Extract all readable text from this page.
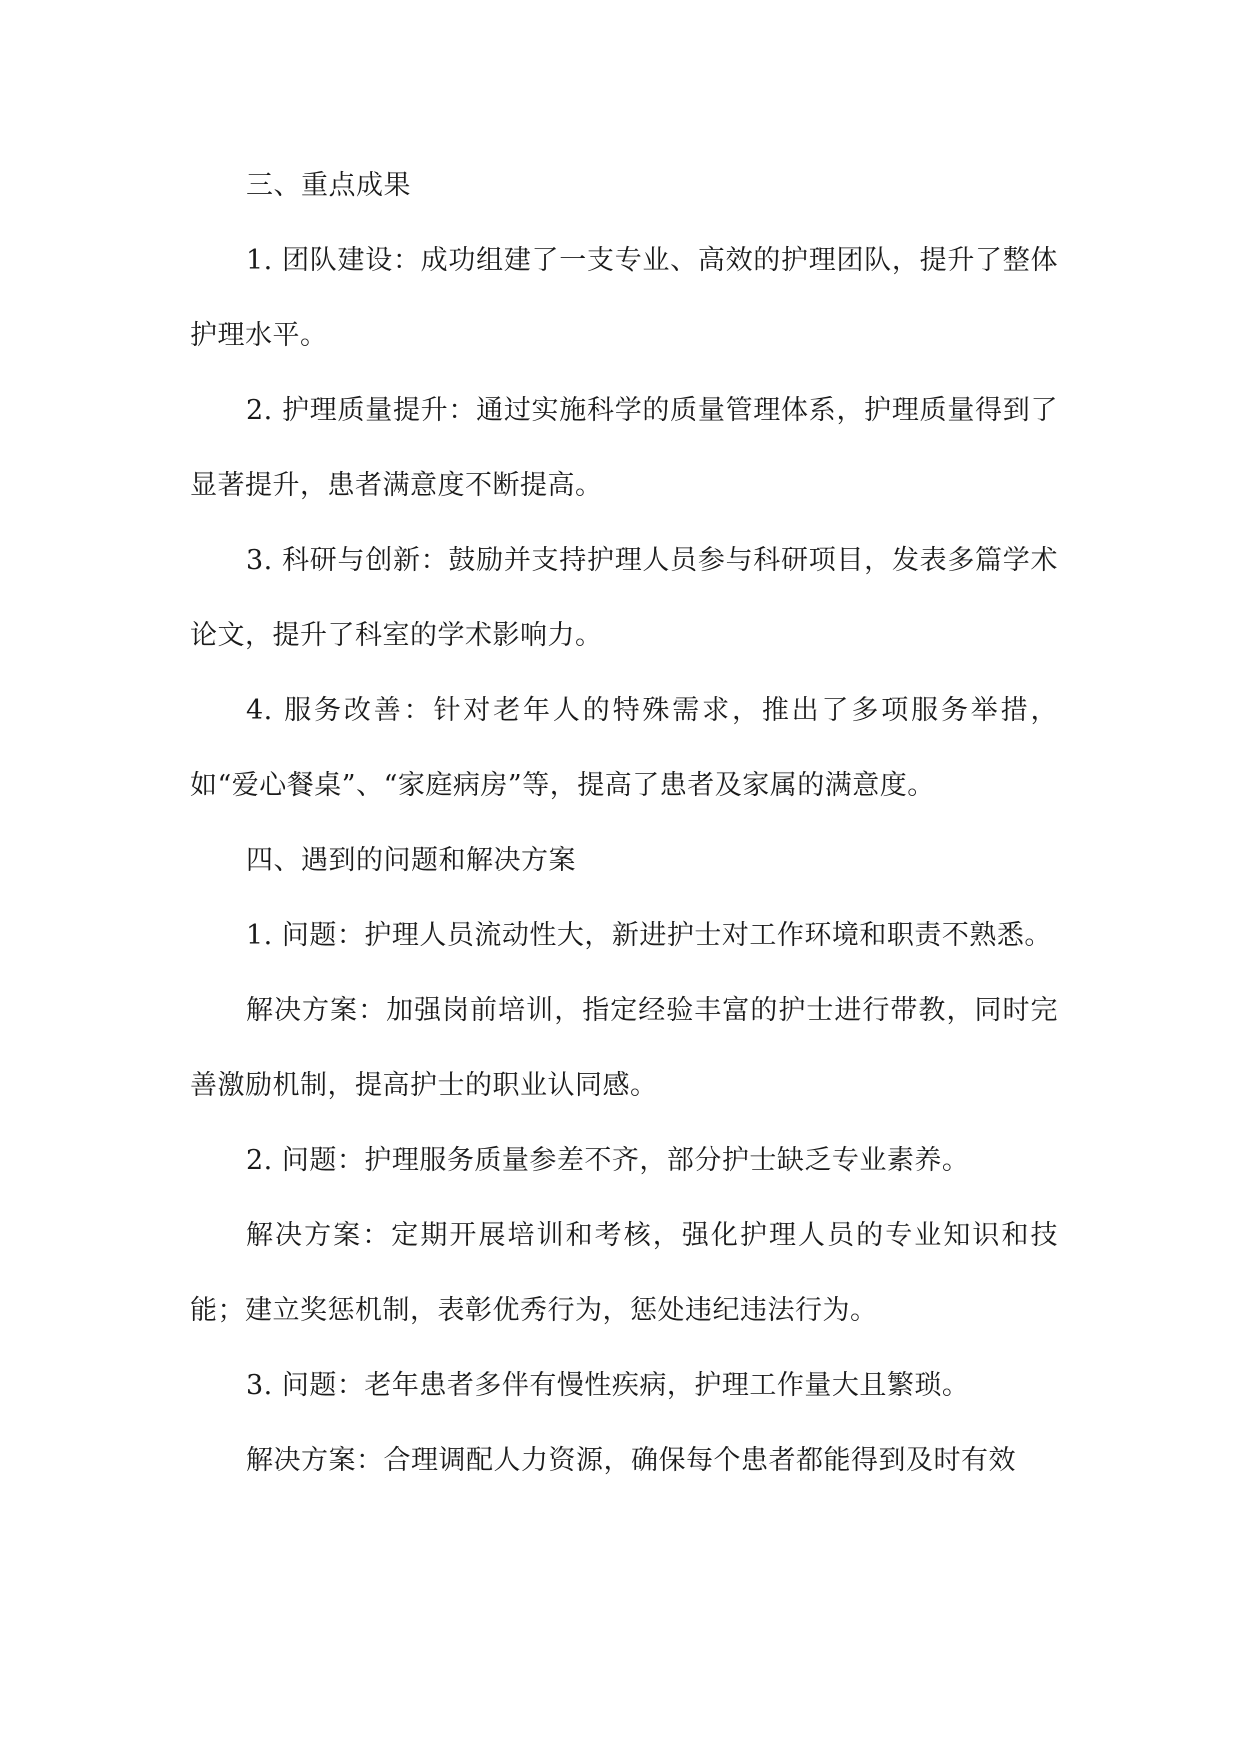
三、重点成果

1. 团队建设：成功组建了一支专业、高效的护理团队，提升了整体护理水平。

2. 护理质量提升：通过实施科学的质量管理体系，护理质量得到了显著提升，患者满意度不断提高。

3. 科研与创新：鼓励并支持护理人员参与科研项目，发表多篇学术论文，提升了科室的学术影响力。

4. 服务改善：针对老年人的特殊需求，推出了多项服务举措，如“爱心餐桌”、“家庭病房”等，提高了患者及家属的满意度。

四、遇到的问题和解决方案

1. 问题：护理人员流动性大，新进护士对工作环境和职责不熟悉。

解决方案：加强岗前培训，指定经验丰富的护士进行带教，同时完善激励机制，提高护士的职业认同感。

2. 问题：护理服务质量参差不齐，部分护士缺乏专业素养。

解决方案：定期开展培训和考核，强化护理人员的专业知识和技能；建立奖惩机制，表彰优秀行为，惩处违纪违法行为。

3. 问题：老年患者多伴有慢性疾病，护理工作量大且繁琐。

解决方案：合理调配人力资源，确保每个患者都能得到及时有效
